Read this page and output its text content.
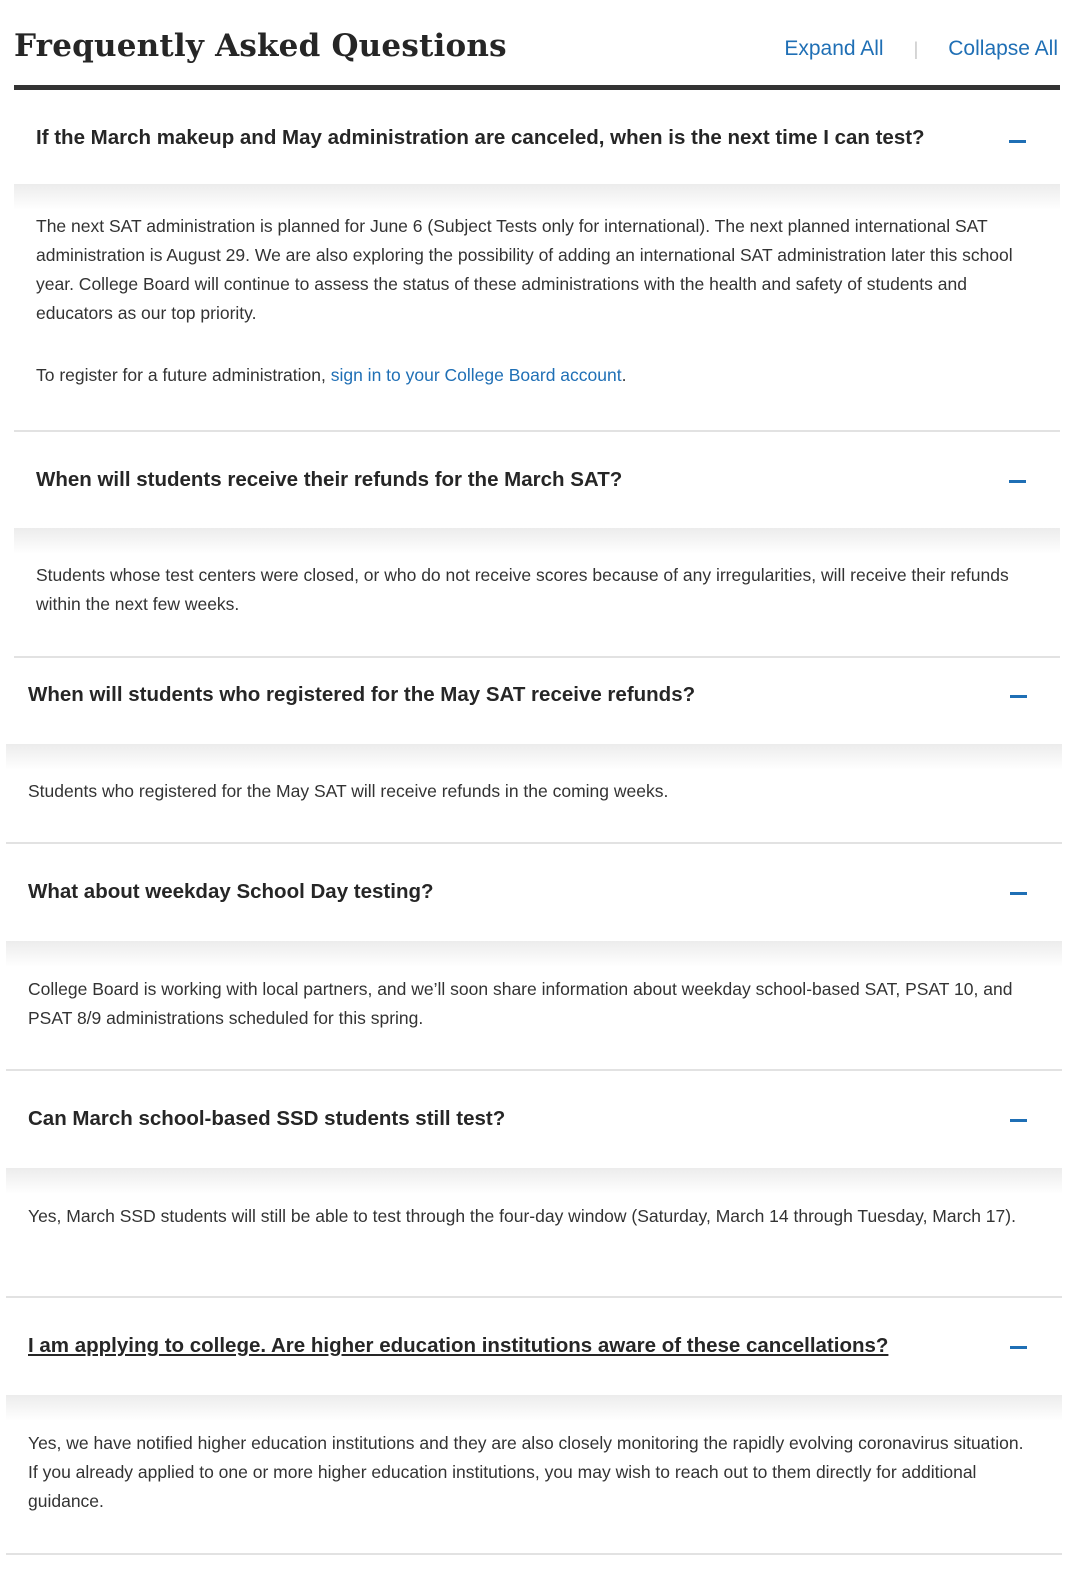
Frequently Asked Questions	Expand All | Collapse All
If the March makeup and May administration are canceled, when is the next time I can test?

The next SAT administration is planned for June 6 (Subject Tests only for international). The next planned international SAT administration is August 29. We are also exploring the possibility of adding an international SAT administration later this school year. College Board will continue to assess the status of these administrations with the health and safety of students and educators as our top priority.

To register for a future administration, sign in to your College Board account.

When will students receive their refunds for the March SAT?

Students whose test centers were closed, or who do not receive scores because of any irregularities, will receive their refunds within the next few weeks.

When will students who registered for the May SAT receive refunds?

Students who registered for the May SAT will receive refunds in the coming weeks.

What about weekday School Day testing?

College Board is working with local partners, and we’ll soon share information about weekday school-based SAT, PSAT 10, and PSAT 8/9 administrations scheduled for this spring.

Can March school-based SSD students still test?

Yes, March SSD students will still be able to test through the four-day window (Saturday, March 14 through Tuesday, March 17).

I am applying to college. Are higher education institutions aware of these cancellations?

Yes, we have notified higher education institutions and they are also closely monitoring the rapidly evolving coronavirus situation. If you already applied to one or more higher education institutions, you may wish to reach out to them directly for additional guidance.
